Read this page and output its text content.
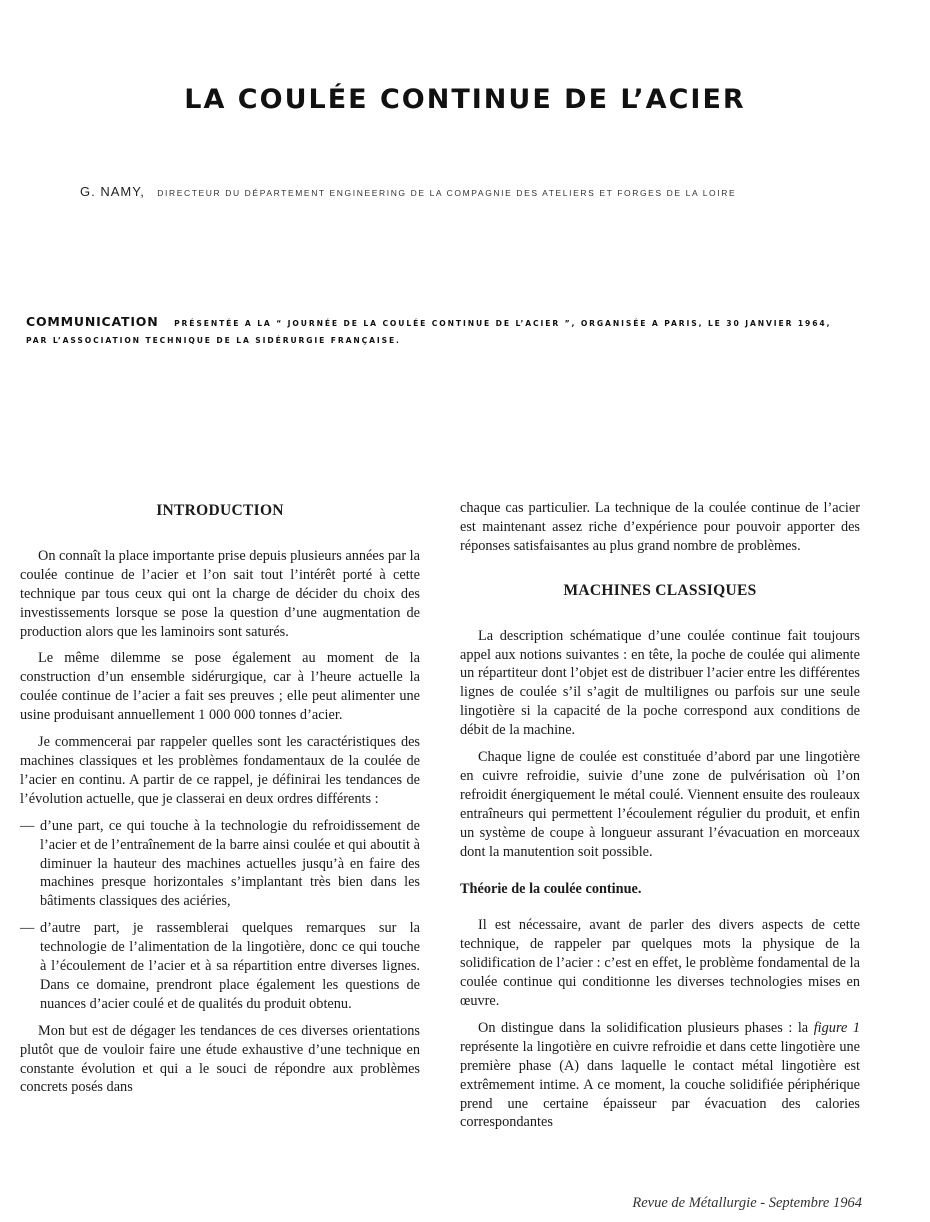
LA COULÉE CONTINUE DE L’ACIER
G. NAMY, DIRECTEUR DU DÉPARTEMENT ENGINEERING DE LA COMPAGNIE DES ATELIERS ET FORGES DE LA LOIRE
COMMUNICATION PRÉSENTÉE A LA “ JOURNÉE DE LA COULÉE CONTINUE DE L’ACIER ”, ORGANISÉE A PARIS, LE 30 JANVIER 1964,
PAR L’ASSOCIATION TECHNIQUE DE LA SIDÉRURGIE FRANÇAISE.
INTRODUCTION

On connaît la place importante prise depuis plusieurs années par la coulée continue de l’acier et l’on sait tout l’intérêt porté à cette technique par tous ceux qui ont la charge de décider du choix des investissements lorsque se pose la question d’une augmentation de production alors que les laminoirs sont saturés.

Le même dilemme se pose également au moment de la construction d’un ensemble sidérurgique, car à l’heure actuelle la coulée continue de l’acier a fait ses preuves ; elle peut alimenter une usine produisant annuellement 1 000 000 tonnes d’acier.

Je commencerai par rappeler quelles sont les caractéristiques des machines classiques et les problèmes fondamentaux de la coulée de l’acier en continu. A partir de ce rappel, je définirai les tendances de l’évolution actuelle, que je classerai en deux ordres différents :

— d’une part, ce qui touche à la technologie du refroidissement de l’acier et de l’entraînement de la barre ainsi coulée et qui aboutit à diminuer la hauteur des machines actuelles jusqu’à en faire des machines presque horizontales s’implantant très bien dans les bâtiments classiques des aciéries,
— d’autre part, je rassemblerai quelques remarques sur la technologie de l’alimentation de la lingotière, donc ce qui touche à l’écoulement de l’acier et à sa répartition entre diverses lignes. Dans ce domaine, prendront place également les questions de nuances d’acier coulé et de qualités du produit obtenu.

Mon but est de dégager les tendances de ces diverses orientations plutôt que de vouloir faire une étude exhaustive d’une technique en constante évolution et qui a le souci de répondre aux problèmes concrets posés dans

chaque cas particulier. La technique de la coulée continue de l’acier est maintenant assez riche d’expérience pour pouvoir apporter des réponses satisfaisantes au plus grand nombre de problèmes.

MACHINES CLASSIQUES

La description schématique d’une coulée continue fait toujours appel aux notions suivantes : en tête, la poche de coulée qui alimente un répartiteur dont l’objet est de distribuer l’acier entre les différentes lignes de coulée s’il s’agit de multilignes ou parfois sur une seule lingotière si la capacité de la poche correspond aux conditions de débit de la machine.

Chaque ligne de coulée est constituée d’abord par une lingotière en cuivre refroidie, suivie d’une zone de pulvérisation où l’on refroidit énergiquement le métal coulé. Viennent ensuite des rouleaux entraîneurs qui permettent l’écoulement régulier du produit, et enfin un système de coupe à longueur assurant l’évacuation en morceaux dont la manutention soit possible.

Théorie de la coulée continue.

Il est nécessaire, avant de parler des divers aspects de cette technique, de rappeler par quelques mots la physique de la solidification de l’acier : c’est en effet, le problème fondamental de la coulée continue qui conditionne les diverses technologies mises en œuvre.

On distingue dans la solidification plusieurs phases : la figure 1 représente la lingotière en cuivre refroidie et dans cette lingotière une première phase (A) dans laquelle le contact métal lingotière est extrêmement intime. A ce moment, la couche solidifiée périphérique prend une certaine épaisseur par évacuation des calories correspondantes

Revue de Métallurgie - Septembre 1964
